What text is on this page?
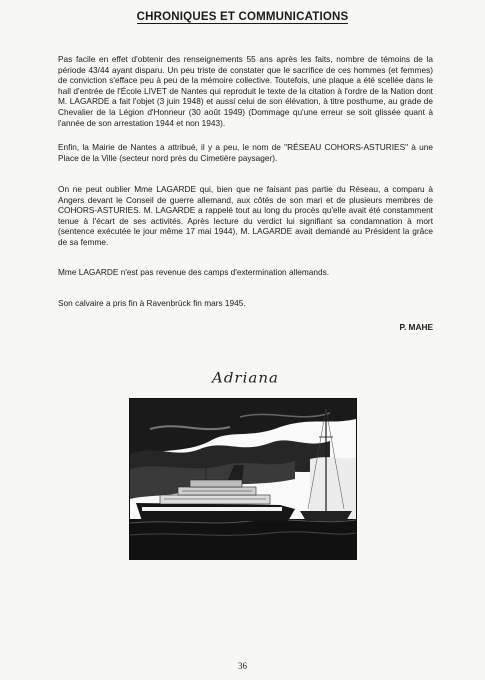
CHRONIQUES ET COMMUNICATIONS

Pas facile en effet d'obtenir des renseignements 55 ans après les faits, nombre de témoins de la période 43/44 ayant disparu. Un peu triste de constater que le sacrifice de ces hommes (et femmes) de conviction s'efface peu à peu de la mémoire collective. Toutefois, une plaque a été scellée dans le hall d'entrée de l'École LIVET de Nantes qui reproduit le texte de la citation à l'ordre de la Nation dont M. LAGARDE a fait l'objet (3 juin 1948) et aussi celui de son élévation, à titre posthume, au grade de Chevalier de la Légion d'Honneur (30 août 1949) (Dommage qu'une erreur se soit glissée quant à l'année de son arrestation 1944 et non 1943).

Enfin, la Mairie de Nantes a attribué, il y a peu, le nom de "RÉSEAU COHORS-ASTURIES" à une Place de la Ville (secteur nord près du Cimetière paysager).

On ne peut oublier Mme LAGARDE qui, bien que ne faisant pas partie du Réseau, a comparu à Angers devant le Conseil de guerre allemand, aux côtés de son mari et de plusieurs membres de COHORS-ASTURIES. M. LAGARDE a rappelé tout au long du procès qu'elle avait été constamment tenue à l'écart de ses activités. Après lecture du verdict lui signifiant sa condamnation à mort (sentence exécutée le jour même 17 mai 1944), M. LAGARDE avait demandé au Président la grâce de sa femme.

Mme LAGARDE n'est pas revenue des camps d'extermination allemands.

Son calvaire a pris fin à Ravenbrück fin mars 1945.

P. MAHE
Adriana
36
